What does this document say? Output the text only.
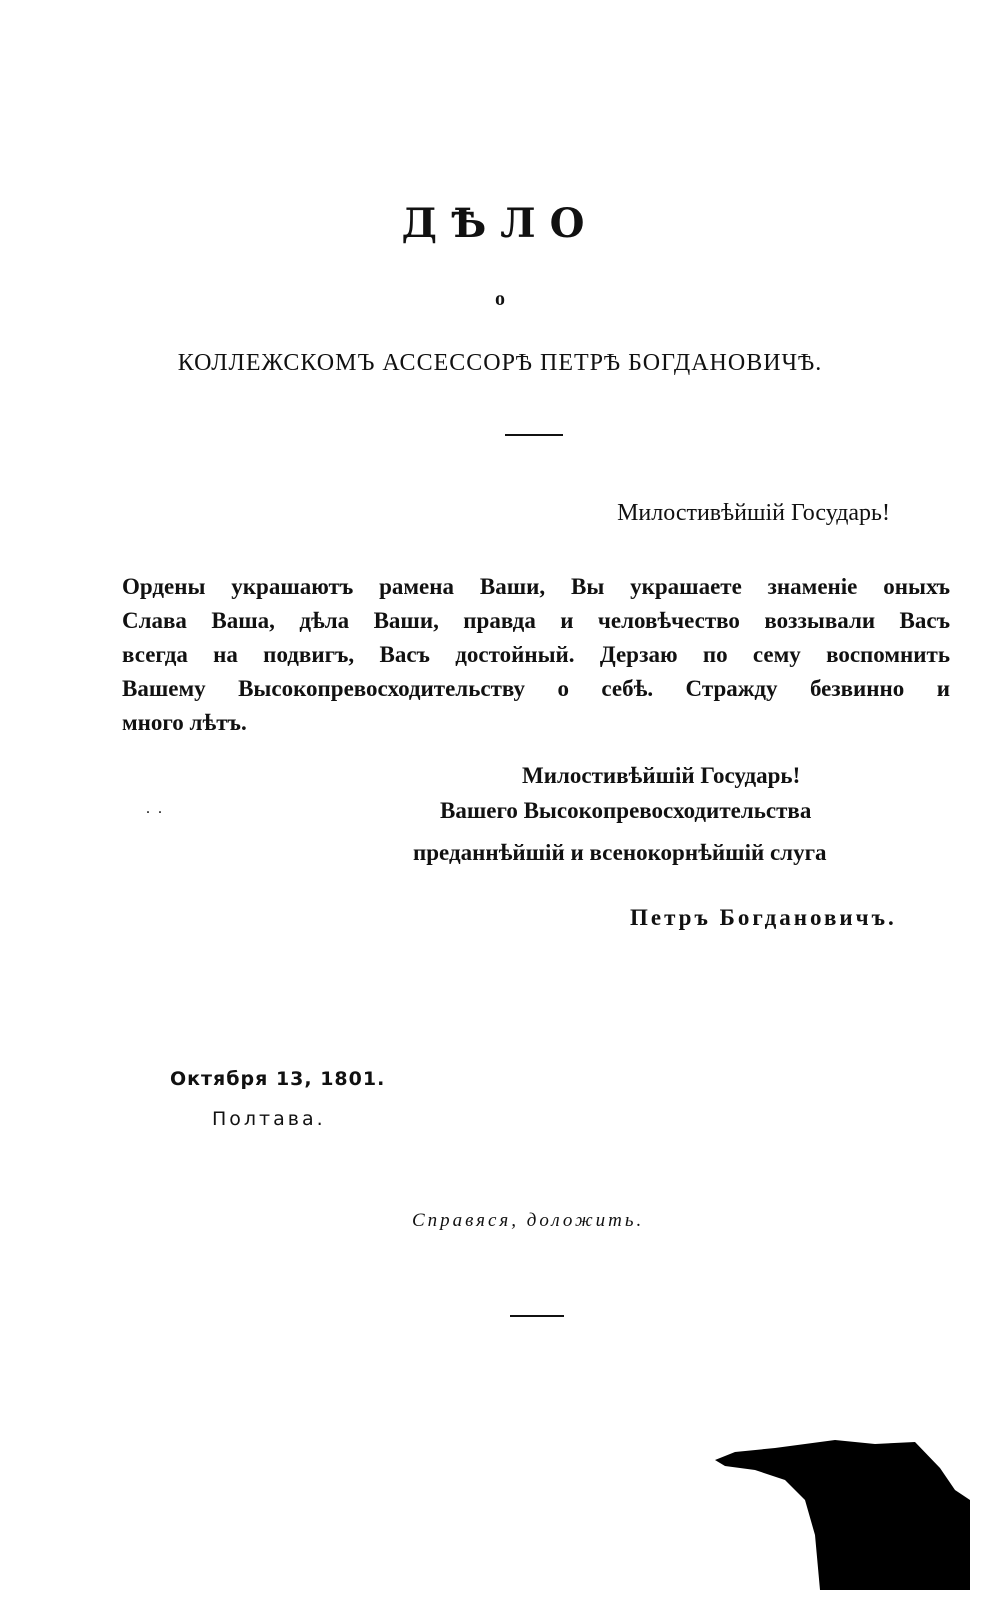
ДѢЛО
о
КОЛЛЕЖСКОМЪ АССЕССОРѢ ПЕТРѢ БОГДАНОВИЧѢ.
Милостивѣйшiй Государь!
Ордены украшаютъ рамена Ваши, Вы украшаете знаменiе оныхъ
Слава Ваша, дѣла Ваши, правда и человѣчество воззывали Васъ
всегда на подвигъ, Васъ достойный. Дерзаю по сему воспомнить
Вашему Высокопревосходительству о себѣ. Стражду безвинно и
много лѣтъ.
Милостивѣйшiй Государь!
. .	Вашего Высокопревосходительства
преданнѣйшiй и всенокорнѣйшiй слуга
Петръ Богдановичъ.
Октября 13, 1801.
Полтава.
Справяся, доложить.
